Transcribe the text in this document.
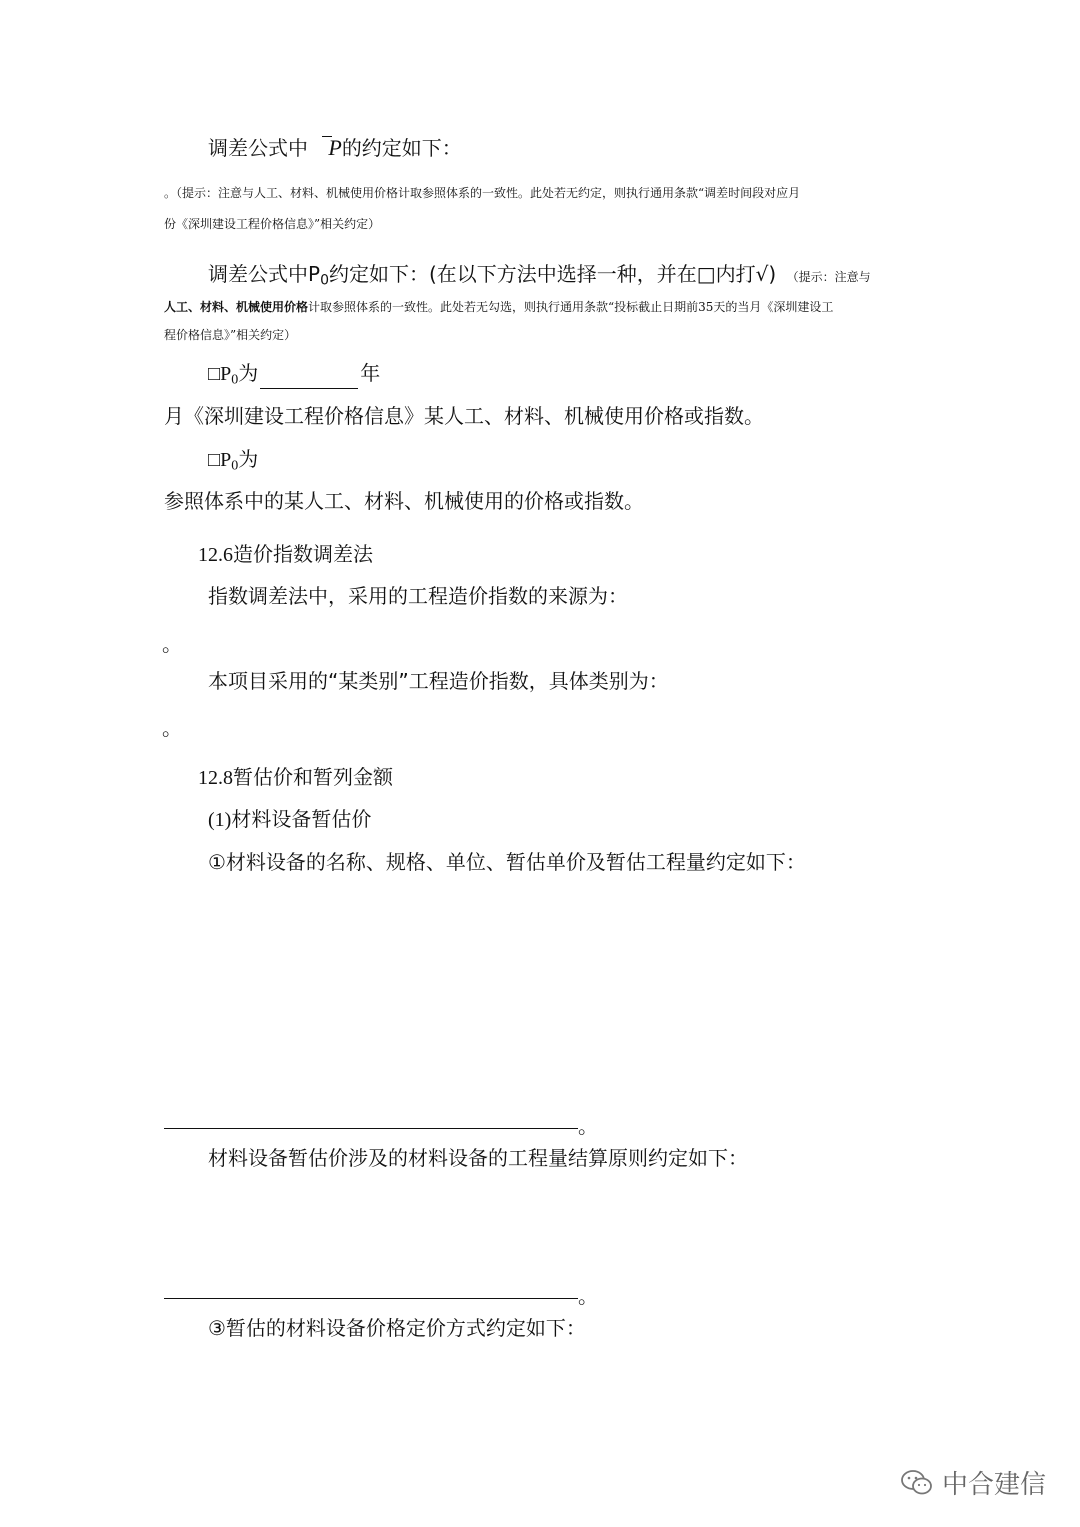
调差公式中 P的约定如下：
。（提示：注意与人工、材料、机械使用价格计取参照体系的一致性。此处若无约定，则执行通用条款“调差时间段对应月
份《深圳建设工程价格信息》”相关约定）
调差公式中$P_0$约定如下：(在以下方法中选择一种，并在□内打√) （提示：注意与
人工、材料、机械使用价格计取参照体系的一致性。此处若无勾选，则执行通用条款“投标截止日期前35天的当月《深圳建设工
程价格信息》”相关约定）
$□P_0$为	年
月《深圳建设工程价格信息》某人工、材料、机械使用价格或指数。
$□P_0$为
参照体系中的某人工、材料、机械使用的价格或指数。
12.6造价指数调差法
指数调差法中，采用的工程造价指数的来源为：
。
本项目采用的“某类别”工程造价指数，具体类别为：
。
12.8暂估价和暂列金额
(1)材料设备暂估价
①材料设备的名称、规格、单位、暂估单价及暂估工程量约定如下：
。
材料设备暂估价涉及的材料设备的工程量结算原则约定如下：
。
③暂估的材料设备价格定价方式约定如下：
中合建信
